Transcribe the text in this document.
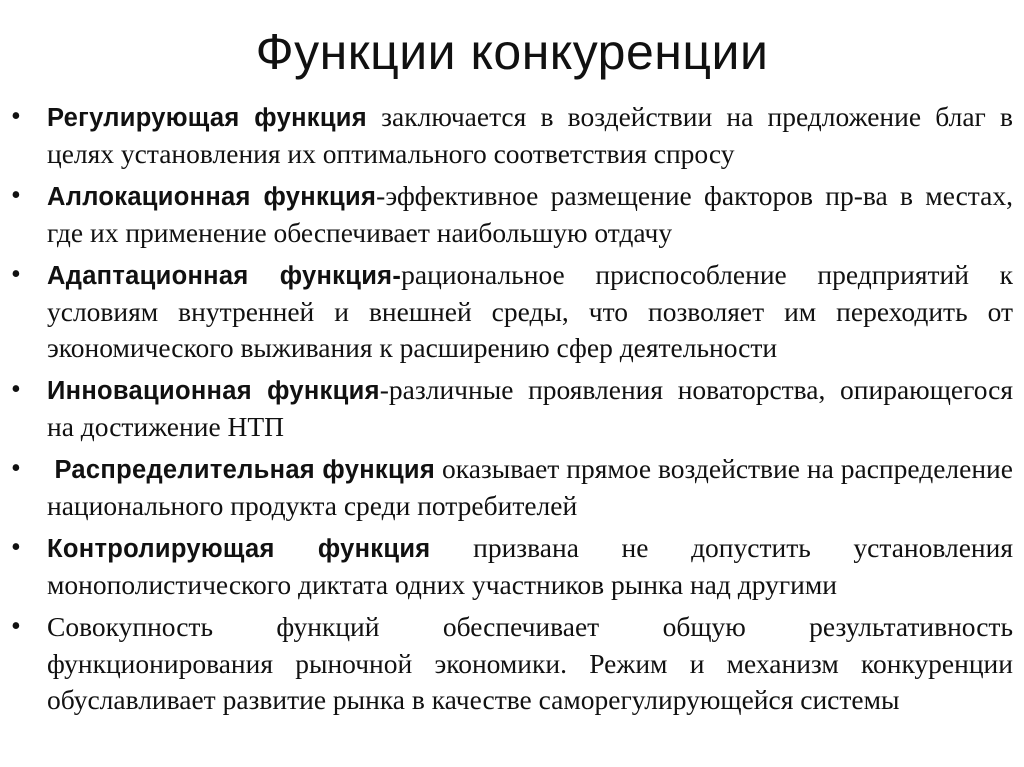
Функции конкуренции
• Регулирующая функция заключается в воздействии на предложение благ в целях установления их оптимального соответствия спросу

• Аллокационная функция-эффективное размещение факторов пр-ва в местах, где их применение обеспечивает наибольшую отдачу

• Адаптационная функция-рациональное приспособление предприятий к условиям внутренней и внешней среды, что позволяет им переходить от экономического выживания к расширению сфер деятельности

• Инновационная функция-различные проявления новаторства, опирающегося на достижение НТП

• Распределительная функция оказывает прямое воздействие на распределение национального продукта среди потребителей

• Контролирующая функция призвана не допустить установления монополистического диктата одних участников рынка над другими

• Совокупность функций обеспечивает общую результативность функционирования рыночной экономики. Режим и механизм конкуренции обуславливает развитие рынка в качестве саморегулирующейся системы
